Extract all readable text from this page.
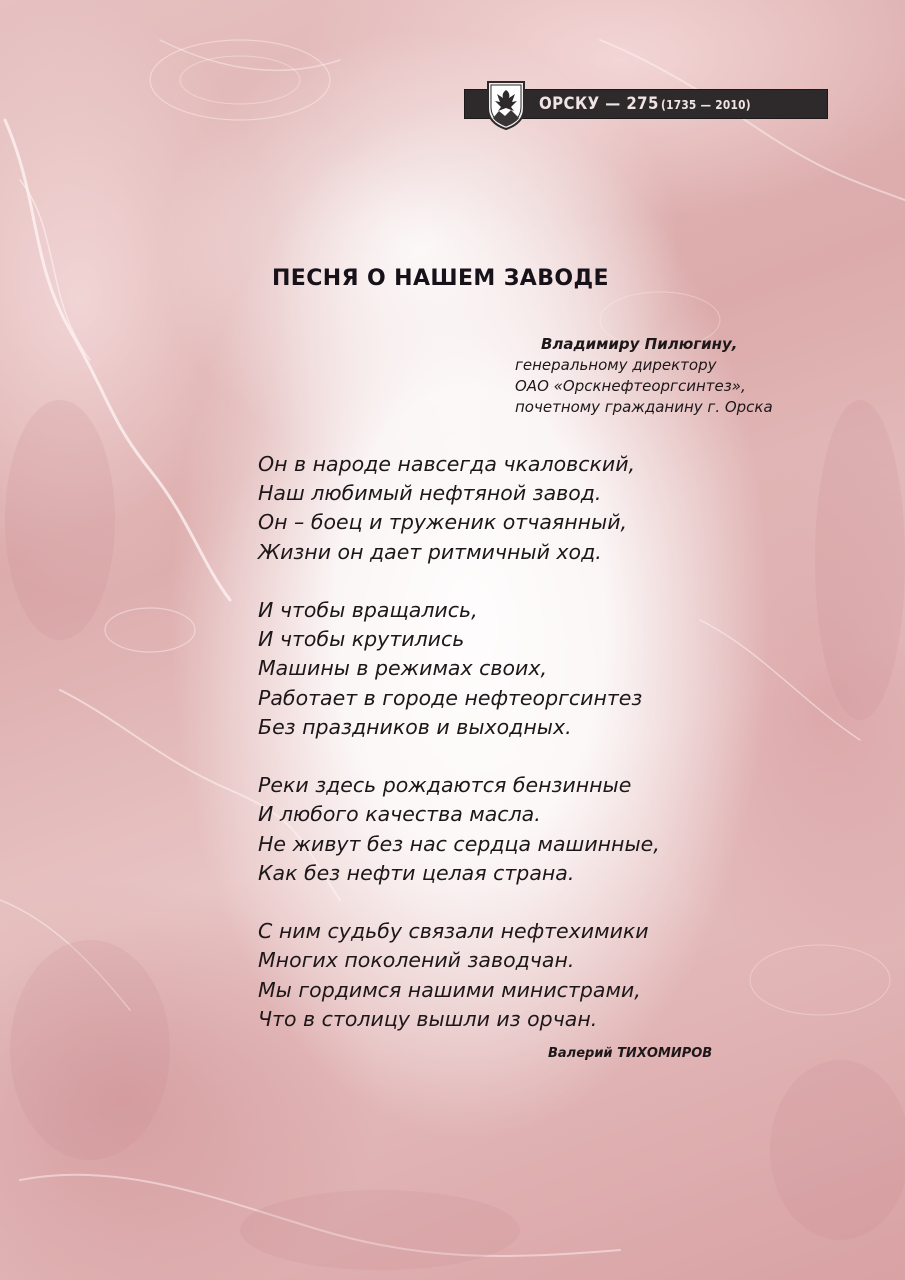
ОРСКУ — 275 (1735 — 2010)
ПЕСНЯ О НАШЕМ ЗАВОДЕ
Владимиру Пилюгину,
генеральному директору
ОАО «Орскнефтеоргсинтез»,
почетному гражданину г. Орска
Он в народе навсегда чкаловский,
Наш любимый нефтяной завод.
Он – боец и труженик отчаянный,
Жизни он дает ритмичный ход.
И чтобы вращались,
И чтобы крутились
Машины в режимах своих,
Работает в городе нефтеоргсинтез
Без праздников и выходных.
Реки здесь рождаются бензинные
И любого качества масла.
Не живут без нас сердца машинные,
Как без нефти целая страна.
С ним судьбу связали нефтехимики
Многих поколений заводчан.
Мы гордимся нашими министрами,
Что в столицу вышли из орчан.
Валерий ТИХОМИРОВ
